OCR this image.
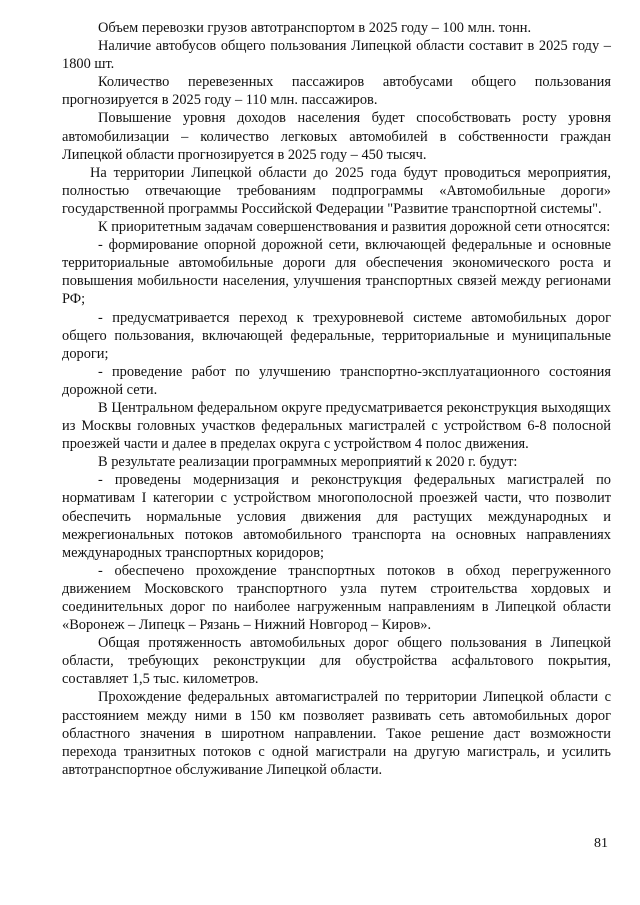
Объем перевозки грузов автотранспортом в 2025 году – 100 млн. тонн.

Наличие автобусов общего пользования Липецкой области составит в 2025 году – 1800 шт.

Количество перевезенных пассажиров автобусами общего пользования прогнозируется в 2025 году – 110 млн. пассажиров.

Повышение уровня доходов населения будет способствовать росту уровня автомобилизации – количество легковых автомобилей в собственности граждан Липецкой области прогнозируется в 2025 году – 450 тысяч.

На территории Липецкой области до 2025 года будут проводиться мероприятия, полностью отвечающие требованиям подпрограммы «Автомобильные дороги» государственной программы Российской Федерации "Развитие транспортной системы".

К приоритетным задачам совершенствования и развития дорожной сети относятся:

- формирование опорной дорожной сети, включающей федеральные и основные территориальные автомобильные дороги для обеспечения экономического роста и повышения мобильности населения, улучшения транспортных связей между регионами РФ;

- предусматривается переход к трехуровневой системе автомобильных дорог общего пользования, включающей федеральные, территориальные и муниципальные дороги;

- проведение работ по улучшению транспортно-эксплуатационного состояния дорожной сети.

В Центральном федеральном округе предусматривается реконструкция выходящих из Москвы головных участков федеральных магистралей с устройством 6-8 полосной проезжей части и далее в пределах округа с устройством 4 полос движения.

В результате реализации программных мероприятий к 2020 г. будут:

- проведены модернизация и реконструкция федеральных магистралей по нормативам I категории с устройством многополосной проезжей части, что позволит обеспечить нормальные условия движения для растущих международных и межрегиональных потоков автомобильного транспорта на основных направлениях международных транспортных коридоров;

- обеспечено прохождение транспортных потоков в обход перегруженного движением Московского транспортного узла путем строительства хордовых и соединительных дорог по наиболее нагруженным направлениям в Липецкой области «Воронеж – Липецк – Рязань – Нижний Новгород – Киров».

Общая протяженность автомобильных дорог общего пользования в Липецкой области, требующих реконструкции для обустройства асфальтового покрытия, составляет 1,5 тыс. километров.

Прохождение федеральных автомагистралей по территории Липецкой области с расстоянием между ними в 150 км позволяет развивать сеть автомобильных дорог областного значения в широтном направлении. Такое решение даст возможности перехода транзитных потоков с одной магистрали на другую магистраль, и усилить автотранспортное обслуживание Липецкой области.

81
